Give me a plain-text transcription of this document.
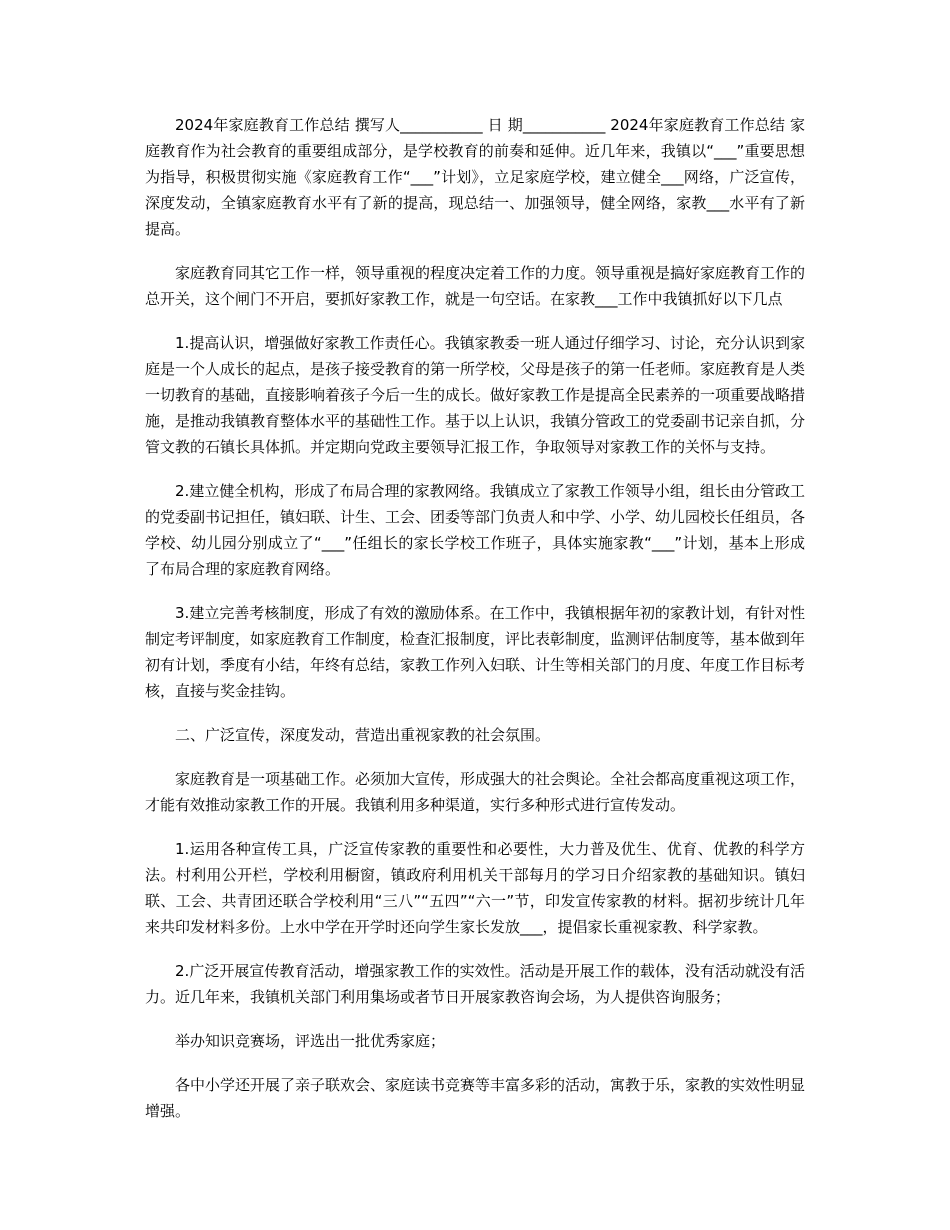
2024年家庭教育工作总结 撰写人___________ 日 期___________ 2024年家庭教育工作总结 家庭教育作为社会教育的重要组成部分，是学校教育的前奏和延伸。近几年来，我镇以“___”重要思想为指导，积极贯彻实施《家庭教育工作“___”计划》，立足家庭学校，建立健全___网络，广泛宣传，深度发动，全镇家庭教育水平有了新的提高，现总结一、加强领导，健全网络，家教___水平有了新提高。

家庭教育同其它工作一样，领导重视的程度决定着工作的力度。领导重视是搞好家庭教育工作的总开关，这个闸门不开启，要抓好家教工作，就是一句空话。在家教___工作中我镇抓好以下几点

1.提高认识，增强做好家教工作责任心。我镇家教委一班人通过仔细学习、讨论，充分认识到家庭是一个人成长的起点，是孩子接受教育的第一所学校，父母是孩子的第一任老师。家庭教育是人类一切教育的基础，直接影响着孩子今后一生的成长。做好家教工作是提高全民素养的一项重要战略措施，是推动我镇教育整体水平的基础性工作。基于以上认识，我镇分管政工的党委副书记亲自抓，分管文教的石镇长具体抓。并定期向党政主要领导汇报工作，争取领导对家教工作的关怀与支持。

2.建立健全机构，形成了布局合理的家教网络。我镇成立了家教工作领导小组，组长由分管政工的党委副书记担任，镇妇联、计生、工会、团委等部门负责人和中学、小学、幼儿园校长任组员，各学校、幼儿园分别成立了“___”任组长的家长学校工作班子，具体实施家教“___”计划，基本上形成了布局合理的家庭教育网络。

3.建立完善考核制度，形成了有效的激励体系。在工作中，我镇根据年初的家教计划，有针对性制定考评制度，如家庭教育工作制度，检查汇报制度，评比表彰制度，监测评估制度等，基本做到年初有计划，季度有小结，年终有总结，家教工作列入妇联、计生等相关部门的月度、年度工作目标考核，直接与奖金挂钩。

二、广泛宣传，深度发动，营造出重视家教的社会氛围。

家庭教育是一项基础工作。必须加大宣传，形成强大的社会舆论。全社会都高度重视这项工作，才能有效推动家教工作的开展。我镇利用多种渠道，实行多种形式进行宣传发动。

1.运用各种宣传工具，广泛宣传家教的重要性和必要性，大力普及优生、优育、优教的科学方法。村利用公开栏，学校利用橱窗，镇政府利用机关干部每月的学习日介绍家教的基础知识。镇妇联、工会、共青团还联合学校利用“三八”“五四”“六一”节，印发宣传家教的材料。据初步统计几年来共印发材料多份。上水中学在开学时还向学生家长发放___，提倡家长重视家教、科学家教。

2.广泛开展宣传教育活动，增强家教工作的实效性。活动是开展工作的载体，没有活动就没有活力。近几年来，我镇机关部门利用集场或者节日开展家教咨询会场，为人提供咨询服务；

举办知识竞赛场，评选出一批优秀家庭；

各中小学还开展了亲子联欢会、家庭读书竞赛等丰富多彩的活动，寓教于乐，家教的实效性明显增强。
